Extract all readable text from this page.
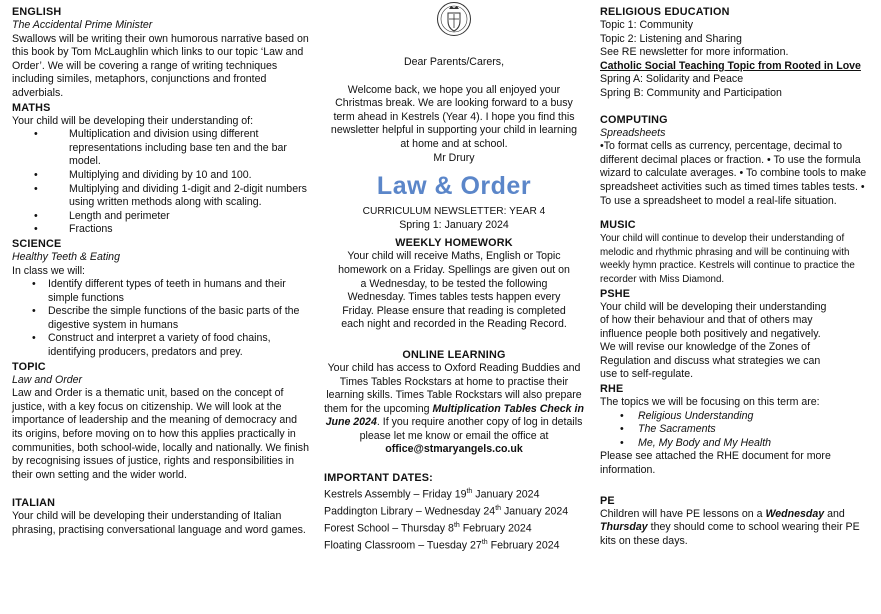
ENGLISH

The Accidental Prime Minister

Swallows will be writing their own humorous narrative based on this book by Tom McLaughlin which links to our topic ‘Law and Order’. We will be covering a range of writing techniques including similes, metaphors, conjunctions and fronted adverbials.

MATHS

Your child will be developing their understanding of:

• Multiplication and division using different representations including base ten and the bar model.
• Multiplying and dividing by 10 and 100.
• Multiplying and dividing 1-digit and 2-digit numbers using written methods along with scaling.
• Length and perimeter
• Fractions
SCIENCE

Healthy Teeth & Eating

In class we will:

• Identify different types of teeth in humans and their simple functions
• Describe the simple functions of the basic parts of the digestive system in humans
• Construct and interpret a variety of food chains, identifying producers, predators and prey.
TOPIC

Law and Order

Law and Order is a thematic unit, based on the concept of justice, with a key focus on citizenship. We will look at the importance of leadership and the meaning of democracy and its origins, before moving on to how this applies practically in communities, both school-wide, locally and nationally. We finish by recognising issues of justice, rights and responsibilities in their own setting and the wider world.

ITALIAN

Your child will be developing their understanding of Italian phrasing, practising conversational language and word games.

Dear Parents/Carers,

Welcome back, we hope you all enjoyed your Christmas break. We are looking forward to a busy term ahead in Kestrels (Year 4). I hope you find this newsletter helpful in supporting your child in learning at home and at school.

Mr Drury

Law & Order

CURRICULUM NEWSLETTER: YEAR 4

Spring 1: January 2024

WEEKLY HOMEWORK

Your child will receive Maths, English or Topic homework on a Friday. Spellings are given out on a Wednesday, to be tested the following Wednesday. Times tables tests happen every Friday. Please ensure that reading is completed each night and recorded in the Reading Record.

ONLINE LEARNING

Your child has access to Oxford Reading Buddies and Times Tables Rockstars at home to practise their learning skills. Times Table Rockstars will also prepare them for the upcoming Multiplication Tables Check in June 2024. If you require another copy of log in details please let me know or email the office at office@stmaryangels.co.uk

IMPORTANT DATES:

Kestrels Assembly – Friday 19th January 2024

Paddington Library – Wednesday 24th January 2024

Forest School – Thursday 8th February 2024

Floating Classroom – Tuesday 27th February 2024

RELIGIOUS EDUCATION

Topic 1: Community

Topic 2: Listening and Sharing

See RE newsletter for more information.

Catholic Social Teaching Topic from Rooted in Love

Spring A: Solidarity and Peace

Spring B: Community and Participation

COMPUTING

Spreadsheets

•To format cells as currency, percentage, decimal to different decimal places or fraction. • To use the formula wizard to calculate averages. • To combine tools to make spreadsheet activities such as timed times tables tests. • To use a spreadsheet to model a real-life situation.

MUSIC

Your child will continue to develop their understanding of melodic and rhythmic phrasing and will be continuing with weekly hymn practice. Kestrels will continue to practice the recorder with Miss Diamond.

PSHE

Your child will be developing their understanding of how their behaviour and that of others may influence people both positively and negatively.

We will revise our knowledge of the Zones of Regulation and discuss what strategies we can use to self-regulate.

RHE

The topics we will be focusing on this term are:

• Religious Understanding
• The Sacraments
• Me, My Body and My Health

Please see attached the RHE document for more information.

PE

Children will have PE lessons on a Wednesday and Thursday they should come to school wearing their PE kits on these days.
